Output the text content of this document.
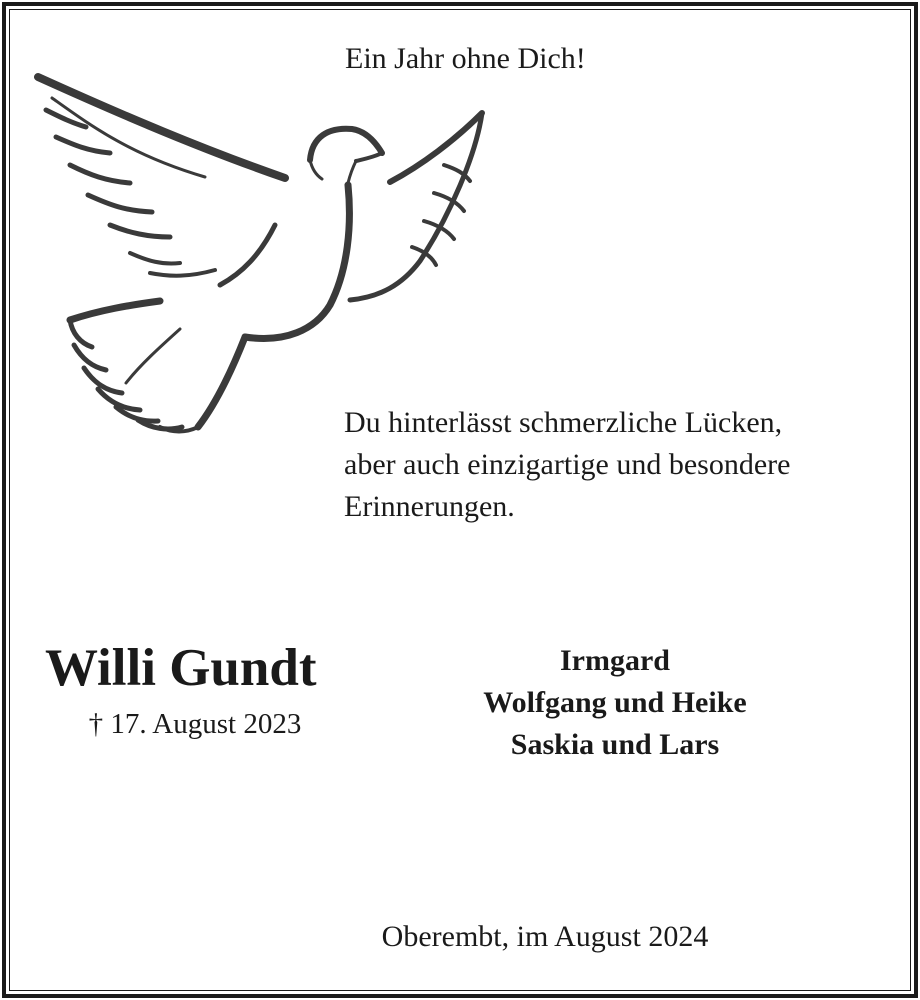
Ein Jahr ohne Dich!
Du hinterlässt schmerzliche Lücken,
aber auch einzigartige und besondere
Erinnerungen.
Willi Gundt
† 17. August 2023
Irmgard
Wolfgang und Heike
Saskia und Lars
Oberembt, im August 2024
